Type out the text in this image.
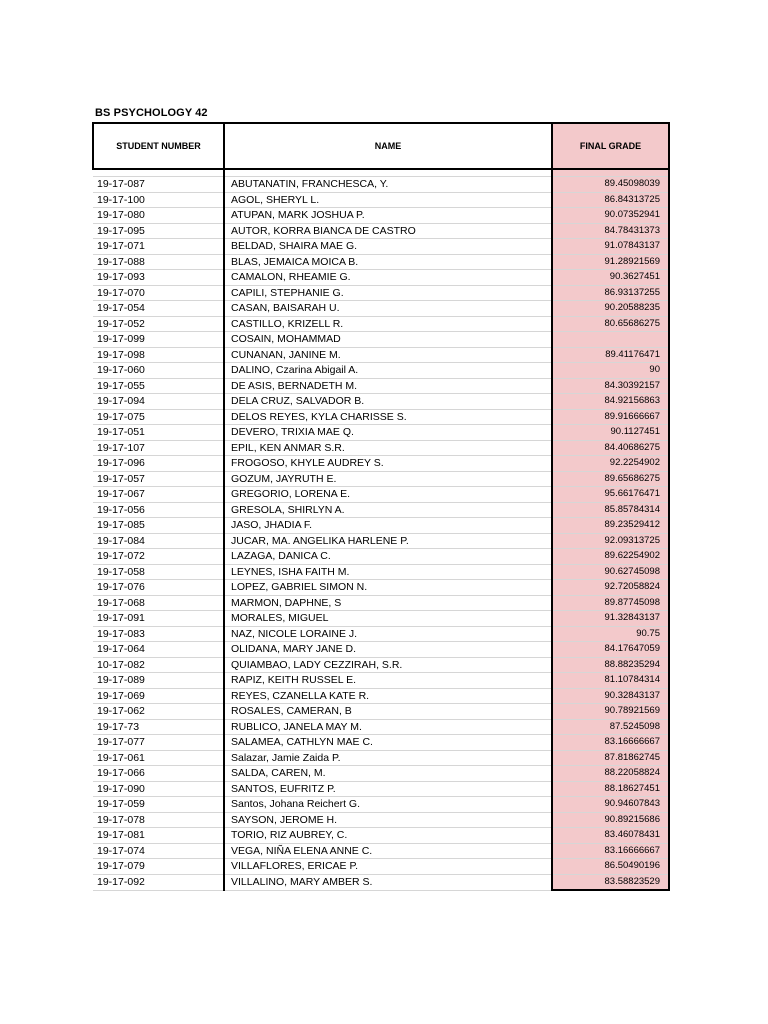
BS PSYCHOLOGY 42
STUDENT NUMBER	NAME	FINAL GRADE

19-17-087	ABUTANATIN, FRANCHESCA, Y.	89.45098039
19-17-100	AGOL, SHERYL L.	86.84313725
19-17-080	ATUPAN, MARK JOSHUA P.	90.07352941
19-17-095	AUTOR, KORRA BIANCA DE CASTRO	84.78431373
19-17-071	BELDAD, SHAIRA MAE G.	91.07843137
19-17-088	BLAS, JEMAICA MOICA B.	91.28921569
19-17-093	CAMALON, RHEAMIE G.	90.3627451
19-17-070	CAPILI, STEPHANIE G.	86.93137255
19-17-054	CASAN, BAISARAH U.	90.20588235
19-17-052	CASTILLO, KRIZELL R.	80.65686275
19-17-099	COSAIN, MOHAMMAD	
19-17-098	CUNANAN, JANINE M.	89.41176471
19-17-060	DALINO, Czarina Abigail A.	90
19-17-055	DE ASIS, BERNADETH M.	84.30392157
19-17-094	DELA CRUZ, SALVADOR B.	84.92156863
19-17-075	DELOS REYES, KYLA CHARISSE S.	89.91666667
19-17-051	DEVERO, TRIXIA MAE Q.	90.1127451
19-17-107	EPIL, KEN ANMAR S.R.	84.40686275
19-17-096	FROGOSO, KHYLE AUDREY S.	92.2254902
19-17-057	GOZUM, JAYRUTH E.	89.65686275
19-17-067	GREGORIO, LORENA E.	95.66176471
19-17-056	GRESOLA, SHIRLYN A.	85.85784314
19-17-085	JASO, JHADIA F.	89.23529412
19-17-084	JUCAR, MA. ANGELIKA HARLENE P.	92.09313725
19-17-072	LAZAGA, DANICA C.	89.62254902
19-17-058	LEYNES, ISHA FAITH M.	90.62745098
19-17-076	LOPEZ, GABRIEL SIMON N.	92.72058824
19-17-068	MARMON, DAPHNE, S	89.87745098
19-17-091	MORALES, MIGUEL	91.32843137
19-17-083	NAZ, NICOLE LORAINE J.	90.75
19-17-064	OLIDANA, MARY JANE D.	84.17647059
10-17-082	QUIAMBAO, LADY CEZZIRAH, S.R.	88.88235294
19-17-089	RAPIZ, KEITH RUSSEL E.	81.10784314
19-17-069	REYES, CZANELLA KATE R.	90.32843137
19-17-062	ROSALES, CAMERAN, B	90.78921569
19-17-73	RUBLICO, JANELA MAY M.	87.5245098
19-17-077	SALAMEA, CATHLYN MAE C.	83.16666667
19-17-061	Salazar, Jamie Zaida P.	87.81862745
19-17-066	SALDA, CAREN, M.	88.22058824
19-17-090	SANTOS, EUFRITZ P.	88.18627451
19-17-059	Santos, Johana Reichert G.	90.94607843
19-17-078	SAYSON, JEROME H.	90.89215686
19-17-081	TORIO, RIZ AUBREY, C.	83.46078431
19-17-074	VEGA, NIÑA ELENA ANNE C.	83.16666667
19-17-079	VILLAFLORES, ERICAE P.	86.50490196
19-17-092	VILLALINO, MARY AMBER S.	83.58823529
